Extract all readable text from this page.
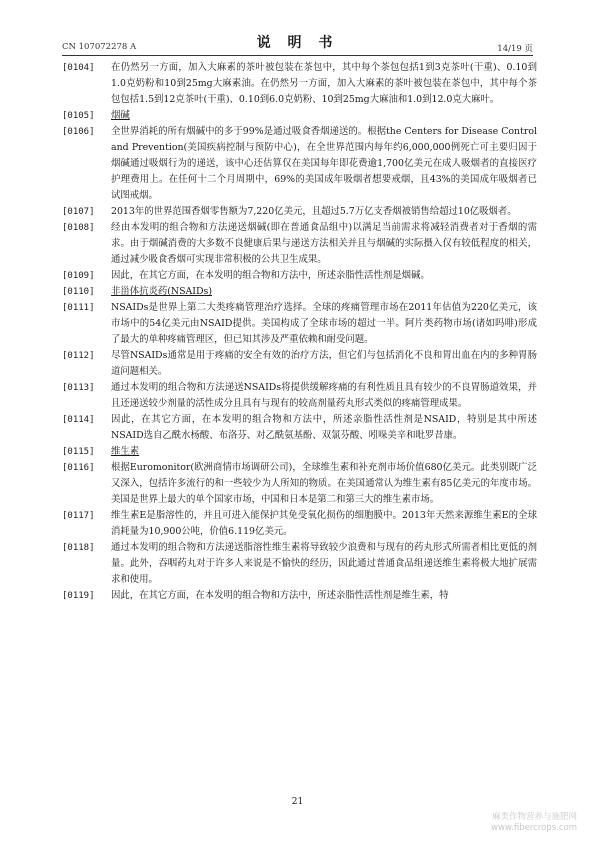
CN 107072278 A	说 明 书	14/19 页
[0104] 在仍然另一方面，加入大麻素的茶叶被包装在茶包中，其中每个茶包包括1到3克茶叶(干重)、0.10到1.0克奶粉和10到25mg大麻素油。在仍然另一方面，加入大麻素的茶叶被包装在茶包中，其中每个茶包包括1.5到12克茶叶(干重)、0.10到6.0克奶粉、10到25mg大麻油和1.0到12.0克大麻叶。
[0105] 烟碱
[0106] 全世界消耗的所有烟碱中的多于99%是通过吸食香烟递送的。根据the Centers for Disease Control and Prevention(美国疾病控制与预防中心)，在全世界范围内每年约6,000,000例死亡可主要归因于烟碱通过吸烟行为的递送，该中心还估算仅在美国每年即花费逾1,700亿美元在成人吸烟者的直接医疗护理费用上。在任何十二个月周期中，69%的美国成年吸烟者想要戒烟，且43%的美国成年吸烟者已试图戒烟。
[0107] 2013年的世界范围香烟零售额为7,220亿美元，且超过5.7万亿支香烟被销售给超过10亿吸烟者。
[0108] 经由本发明的组合物和方法递送烟碱(即在普通食品组中)以满足当前需求将减轻消费者对于香烟的需求。由于烟碱消费的大多数不良健康后果与递送方法相关并且与烟碱的实际摄入仅有较低程度的相关，通过减少吸食香烟可实现非常积极的公共卫生成果。
[0109] 因此，在其它方面，在本发明的组合物和方法中，所述亲脂性活性剂是烟碱。
[0110] 非甾体抗炎药(NSAIDs)
[0111] NSAIDs是世界上第二大类疼痛管理治疗选择。全球的疼痛管理市场在2011年估值为220亿美元，该市场中的54亿美元由NSAID提供。美国构成了全球市场的超过一半。阿片类药物市场(诸如吗啡)形成了最大的单种疼痛管理区，但已知其涉及严重依赖和耐受问题。
[0112] 尽管NSAIDs通常是用于疼痛的安全有效的治疗方法，但它们与包括消化不良和胃出血在内的多种胃肠道问题相关。
[0113] 通过本发明的组合物和方法递送NSAIDs将提供缓解疼痛的有利性质且具有较少的不良胃肠道效果，并且还递送较少剂量的活性成分且具有与现有的较高剂量药丸形式类似的疼痛管理成果。
[0114] 因此，在其它方面，在本发明的组合物和方法中，所述亲脂性活性剂是NSAID，特别是其中所述NSAID选自乙酰水杨酸、布洛芬、对乙酰氨基酚、双氯芬酸、吲哚美辛和吡罗昔康。
[0115] 维生素
[0116] 根据Euromonitor(欧洲商情市场调研公司)，全球维生素和补充剂市场价值680亿美元。此类别既广泛又深入，包括许多流行的和一些较少为人所知的物质。在美国通常认为维生素有85亿美元的年度市场。美国是世界上最大的单个国家市场，中国和日本是第二和第三大的维生素市场。
[0117] 维生素E是脂溶性的，并且可进入能保护其免受氧化损伤的细胞膜中。2013年天然来源维生素E的全球消耗量为10,900公吨，价值6.119亿美元。
[0118] 通过本发明的组合物和方法递送脂溶性维生素将导致较少浪费和与现有的药丸形式所需者相比更低的剂量。此外，吞咽药丸对于许多人来说是不愉快的经历，因此通过普通食品组递送维生素将极大地扩展需求和使用。
[0119] 因此，在其它方面，在本发明的组合物和方法中，所述亲脂性活性剂是维生素，特
21
麻类作物营养与施肥网
www.fibercrops.com
